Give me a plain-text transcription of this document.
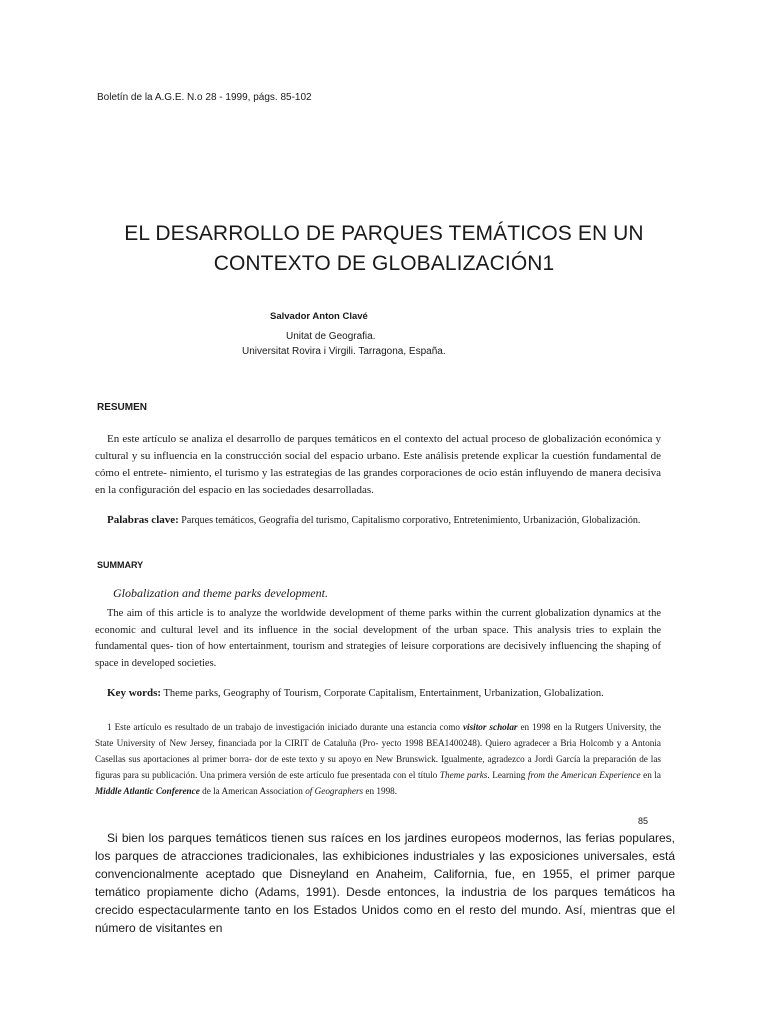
Boletín de la A.G.E. N.o 28 - 1999, págs. 85-102
EL DESARROLLO DE PARQUES TEMÁTICOS EN UN
CONTEXTO DE GLOBALIZACIÓN1
Salvador Anton Clavé
Unitat de Geografia.
Universitat Rovira i Virgili. Tarragona, España.
RESUMEN
En este artículo se analiza el desarrollo de parques temáticos en el contexto del actual proceso de globalización económica y cultural y su influencia en la construcción social del espacio urbano. Este análisis pretende explicar la cuestión fundamental de cómo el entrete- nimiento, el turismo y las estrategias de las grandes corporaciones de ocio están influyendo de manera decisiva en la configuración del espacio en las sociedades desarrolladas.
Palabras clave: Parques temáticos, Geografía del turismo, Capitalismo corporativo, Entretenimiento, Urbanización, Globalización.
SUMMARY
Globalization and theme parks development.
The aim of this article is to analyze the worldwide development of theme parks within the current globalization dynamics at the economic and cultural level and its influence in the social development of the urban space. This analysis tries to explain the fundamental ques- tion of how entertainment, tourism and strategies of leisure corporations are decisively influencing the shaping of space in developed societies.
Key words: Theme parks, Geography of Tourism, Corporate Capitalism, Entertainment, Urbanization, Globalization.
1 Este artículo es resultado de un trabajo de investigación iniciado durante una estancia como visitor scholar en 1998 en la Rutgers University, the State University of New Jersey, financiada por la CIRIT de Cataluña (Pro- yecto 1998 BEA1400248). Quiero agradecer a Bria Holcomb y a Antonia Casellas sus aportaciones al primer borra- dor de este texto y su apoyo en New Brunswick. Igualmente, agradezco a Jordi García la preparación de las figuras para su publicación. Una primera versión de este artículo fue presentada con el título Theme parks. Learning from the American Experience en la Middle Atlantic Conference de la American Association of Geographers en 1998.
85
Si bien los parques temáticos tienen sus raíces en los jardines europeos modernos, las ferias populares, los parques de atracciones tradicionales, las exhibiciones industriales y las exposiciones universales, está convencionalmente aceptado que Disneyland en Anaheim, California, fue, en 1955, el primer parque temático propiamente dicho (Adams, 1991). Desde entonces, la industria de los parques temáticos ha crecido espectacularmente tanto en los Estados Unidos como en el resto del mundo. Así, mientras que el número de visitantes en
